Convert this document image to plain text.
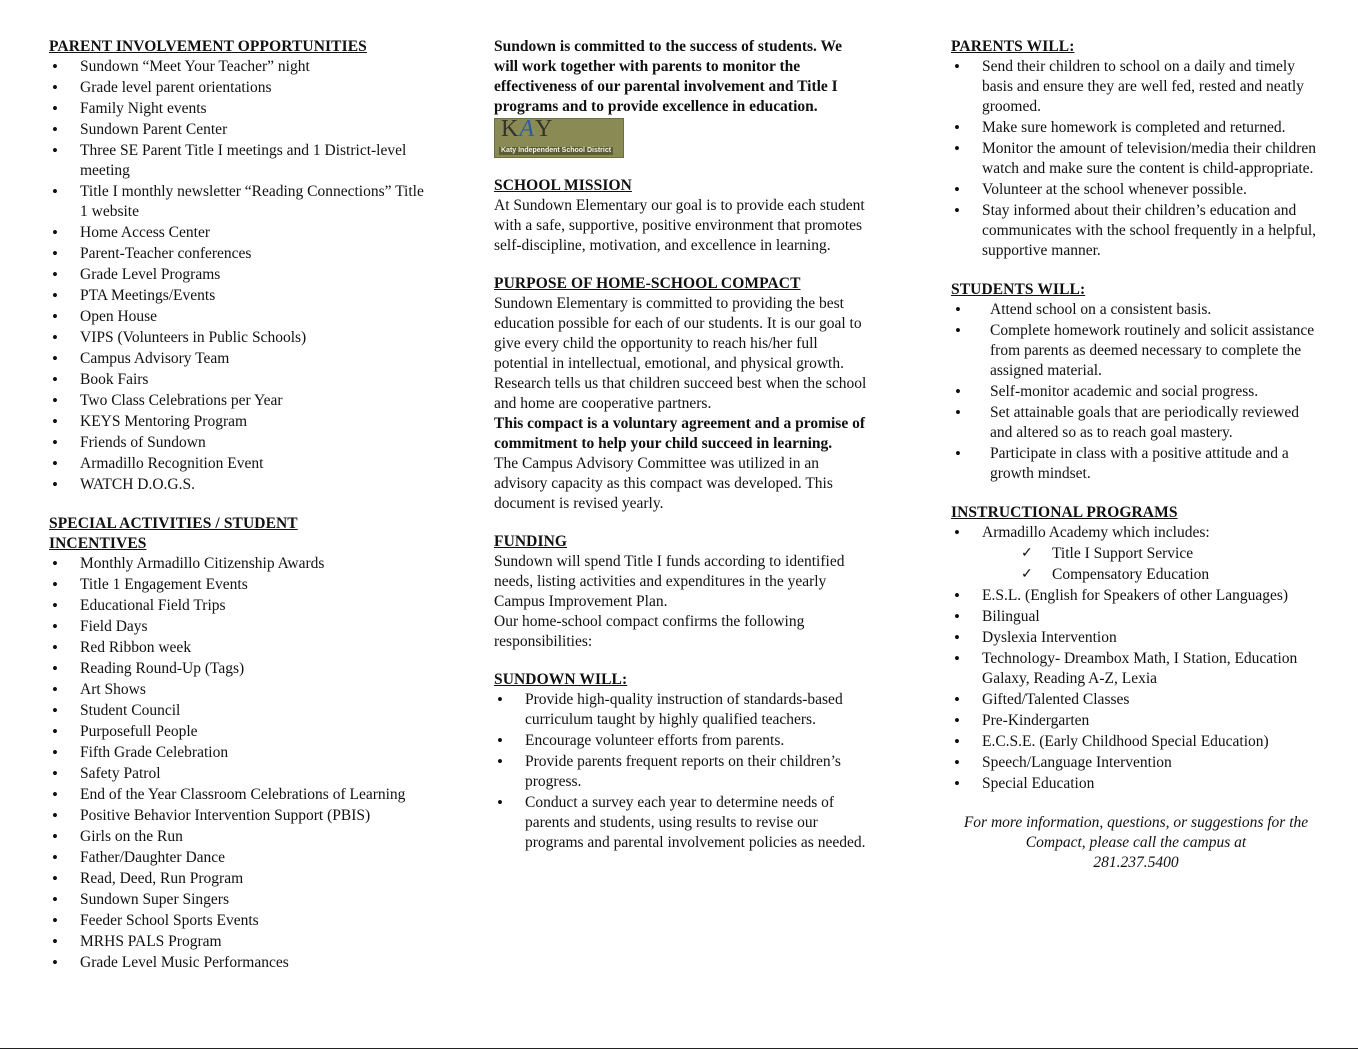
PARENT INVOLVEMENT OPPORTUNITIES
• Sundown “Meet Your Teacher” night
• Grade level parent orientations
• Family Night events
• Sundown Parent Center
• Three SE Parent Title I meetings and 1 District-level meeting
• Title I monthly newsletter “Reading Connections” Title 1 website
• Home Access Center
• Parent-Teacher conferences
• Grade Level Programs
• PTA Meetings/Events
• Open House
• VIPS (Volunteers in Public Schools)
• Campus Advisory Team
• Book Fairs
• Two Class Celebrations per Year
• KEYS Mentoring Program
• Friends of Sundown
• Armadillo Recognition Event
• WATCH D.O.G.S.
SPECIAL ACTIVITIES / STUDENT INCENTIVES
• Monthly Armadillo Citizenship Awards
• Title 1 Engagement Events
• Educational Field Trips
• Field Days
• Red Ribbon week
• Reading Round-Up (Tags)
• Art Shows
• Student Council
• Purposefull People
• Fifth Grade Celebration
• Safety Patrol
• End of the Year Classroom Celebrations of Learning
• Positive Behavior Intervention Support (PBIS)
• Girls on the Run
• Father/Daughter Dance
• Read, Deed, Run Program
• Sundown Super Singers
• Feeder School Sports Events
• MRHS PALS Program
• Grade Level Music Performances

Sundown is committed to the success of students. We will work together with parents to monitor the effectiveness of our parental involvement and Title I programs and to provide excellence in education.

KAY
Katy Independent School District
SCHOOL MISSION

At Sundown Elementary our goal is to provide each student with a safe, supportive, positive environment that promotes self-discipline, motivation, and excellence in learning.

PURPOSE OF HOME-SCHOOL COMPACT

Sundown Elementary is committed to providing the best education possible for each of our students. It is our goal to give every child the opportunity to reach his/her full potential in intellectual, emotional, and physical growth. Research tells us that children succeed best when the school and home are cooperative partners.

This compact is a voluntary agreement and a promise of commitment to help your child succeed in learning.

The Campus Advisory Committee was utilized in an advisory capacity as this compact was developed. This document is revised yearly.

FUNDING

Sundown will spend Title I funds according to identified needs, listing activities and expenditures in the yearly Campus Improvement Plan.

Our home-school compact confirms the following responsibilities:

SUNDOWN WILL:
• Provide high-quality instruction of standards-based curriculum taught by highly qualified teachers.
• Encourage volunteer efforts from parents.
• Provide parents frequent reports on their children’s progress.
• Conduct a survey each year to determine needs of parents and students, using results to revise our programs and parental involvement policies as needed.
PARENTS WILL:
• Send their children to school on a daily and timely basis and ensure they are well fed, rested and neatly groomed.
• Make sure homework is completed and returned.
• Monitor the amount of television/media their children watch and make sure the content is child-appropriate.
• Volunteer at the school whenever possible.
• Stay informed about their children’s education and communicates with the school frequently in a helpful, supportive manner.
STUDENTS WILL:
• Attend school on a consistent basis.
• Complete homework routinely and solicit assistance from parents as deemed necessary to complete the assigned material.
• Self-monitor academic and social progress.
• Set attainable goals that are periodically reviewed and altered so as to reach goal mastery.
• Participate in class with a positive attitude and a growth mindset.
INSTRUCTIONAL PROGRAMS
• Armadillo Academy which includes:
✓ Title I Support Service
✓ Compensatory Education
• E.S.L. (English for Speakers of other Languages)
• Bilingual
• Dyslexia Intervention
• Technology- Dreambox Math, I Station, Education Galaxy, Reading A-Z, Lexia
• Gifted/Talented Classes
• Pre-Kindergarten
• E.C.S.E. (Early Childhood Special Education)
• Speech/Language Intervention
• Special Education

For more information, questions, or suggestions for the Compact, please call the campus at
281.237.5400
